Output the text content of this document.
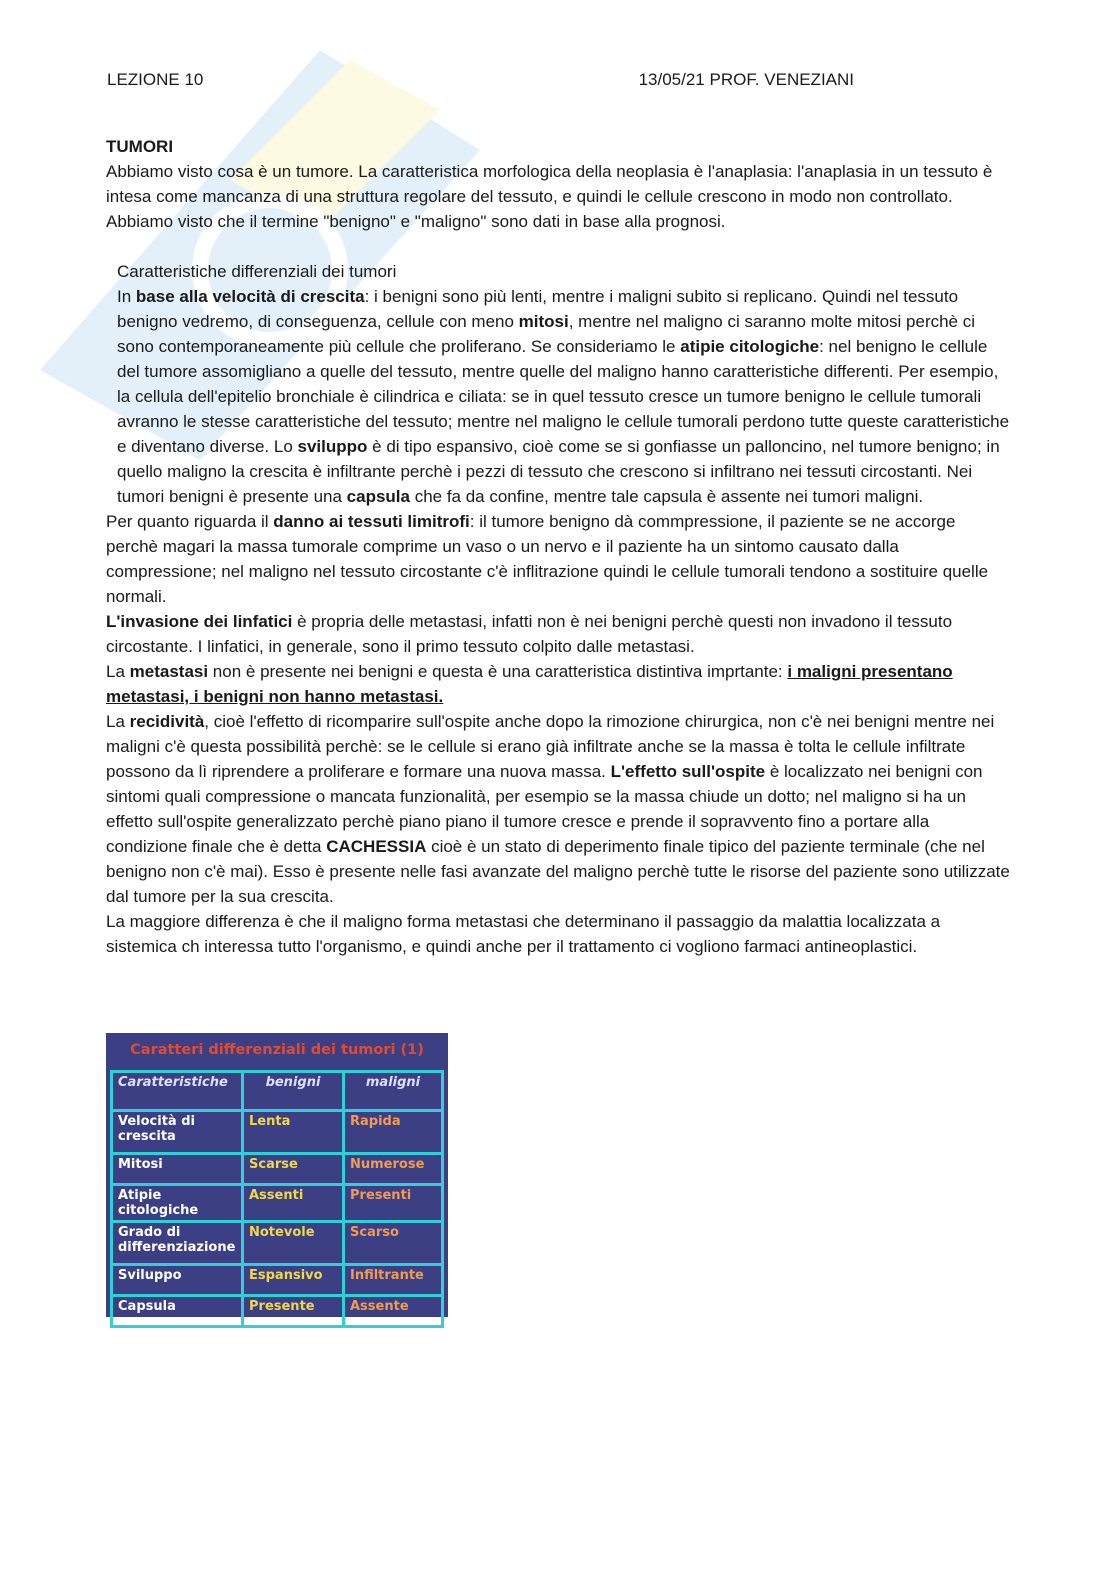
LEZIONE 10	13/05/21 PROF. VENEZIANI

TUMORI

Abbiamo visto cosa è un tumore. La caratteristica morfologica della neoplasia è l'anaplasia: l'anaplasia in un tessuto è intesa come mancanza di una struttura regolare del tessuto, e quindi le cellule crescono in modo non controllato.

Abbiamo visto che il termine "benigno" e "maligno" sono dati in base alla prognosi.

Caratteristiche differenziali dei tumori

In base alla velocità di crescita: i benigni sono più lenti, mentre i maligni subito si replicano. Quindi nel tessuto benigno vedremo, di conseguenza, cellule con meno mitosi, mentre nel maligno ci saranno molte mitosi perchè ci sono contemporaneamente più cellule che proliferano. Se consideriamo le atipie citologiche: nel benigno le cellule del tumore assomigliano a quelle del tessuto, mentre quelle del maligno hanno caratteristiche differenti. Per esempio, la cellula dell'epitelio bronchiale è cilindrica e ciliata: se in quel tessuto cresce un tumore benigno le cellule tumorali avranno le stesse caratteristiche del tessuto; mentre nel maligno le cellule tumorali perdono tutte queste caratteristiche e diventano diverse. Lo sviluppo è di tipo espansivo, cioè come se si gonfiasse un palloncino, nel tumore benigno; in quello maligno la crescita è infiltrante perchè i pezzi di tessuto che crescono si infiltrano nei tessuti circostanti. Nei tumori benigni è presente una capsula che fa da confine, mentre tale capsula è assente nei tumori maligni.

Per quanto riguarda il danno ai tessuti limitrofi: il tumore benigno dà commpressione, il paziente se ne accorge perchè magari la massa tumorale comprime un vaso o un nervo e il paziente ha un sintomo causato dalla compressione; nel maligno nel tessuto circostante c'è inflitrazione quindi le cellule tumorali tendono a sostituire quelle normali.

L'invasione dei linfatici è propria delle metastasi, infatti non è nei benigni perchè questi non invadono il tessuto circostante. I linfatici, in generale, sono il primo tessuto colpito dalle metastasi.

La metastasi non è presente nei benigni e questa è una caratteristica distintiva imprtante: i maligni presentano metastasi, i benigni non hanno metastasi.

La recidività, cioè l'effetto di ricomparire sull'ospite anche dopo la rimozione chirurgica, non c'è nei benigni mentre nei maligni c'è questa possibilità perchè: se le cellule si erano già infiltrate anche se la massa è tolta le cellule infiltrate possono da lì riprendere a proliferare e formare una nuova massa. L'effetto sull'ospite è localizzato nei benigni con sintomi quali compressione o mancata funzionalità, per esempio se la massa chiude un dotto; nel maligno si ha un effetto sull'ospite generalizzato perchè piano piano il tumore cresce e prende il sopravvento fino a portare alla condizione finale che è detta CACHESSIA cioè è un stato di deperimento finale tipico del paziente terminale (che nel benigno non c'è mai). Esso è presente nelle fasi avanzate del maligno perchè tutte le risorse del paziente sono utilizzate dal tumore per la sua crescita.

La maggiore differenza è che il maligno forma metastasi che determinano il passaggio da malattia localizzata a sistemica ch interessa tutto l'organismo, e quindi anche per il trattamento ci vogliono farmaci antineoplastici.

Caratteri differenziali dei tumori (1)
Caratteristiche	benigni	maligni
Velocità di crescita	Lenta	Rapida
Mitosi	Scarse	Numerose
Atipie citologiche	Assenti	Presenti
Grado di differenziazione	Notevole	Scarso
Sviluppo	Espansivo	Infiltrante
Capsula	Presente	Assente
